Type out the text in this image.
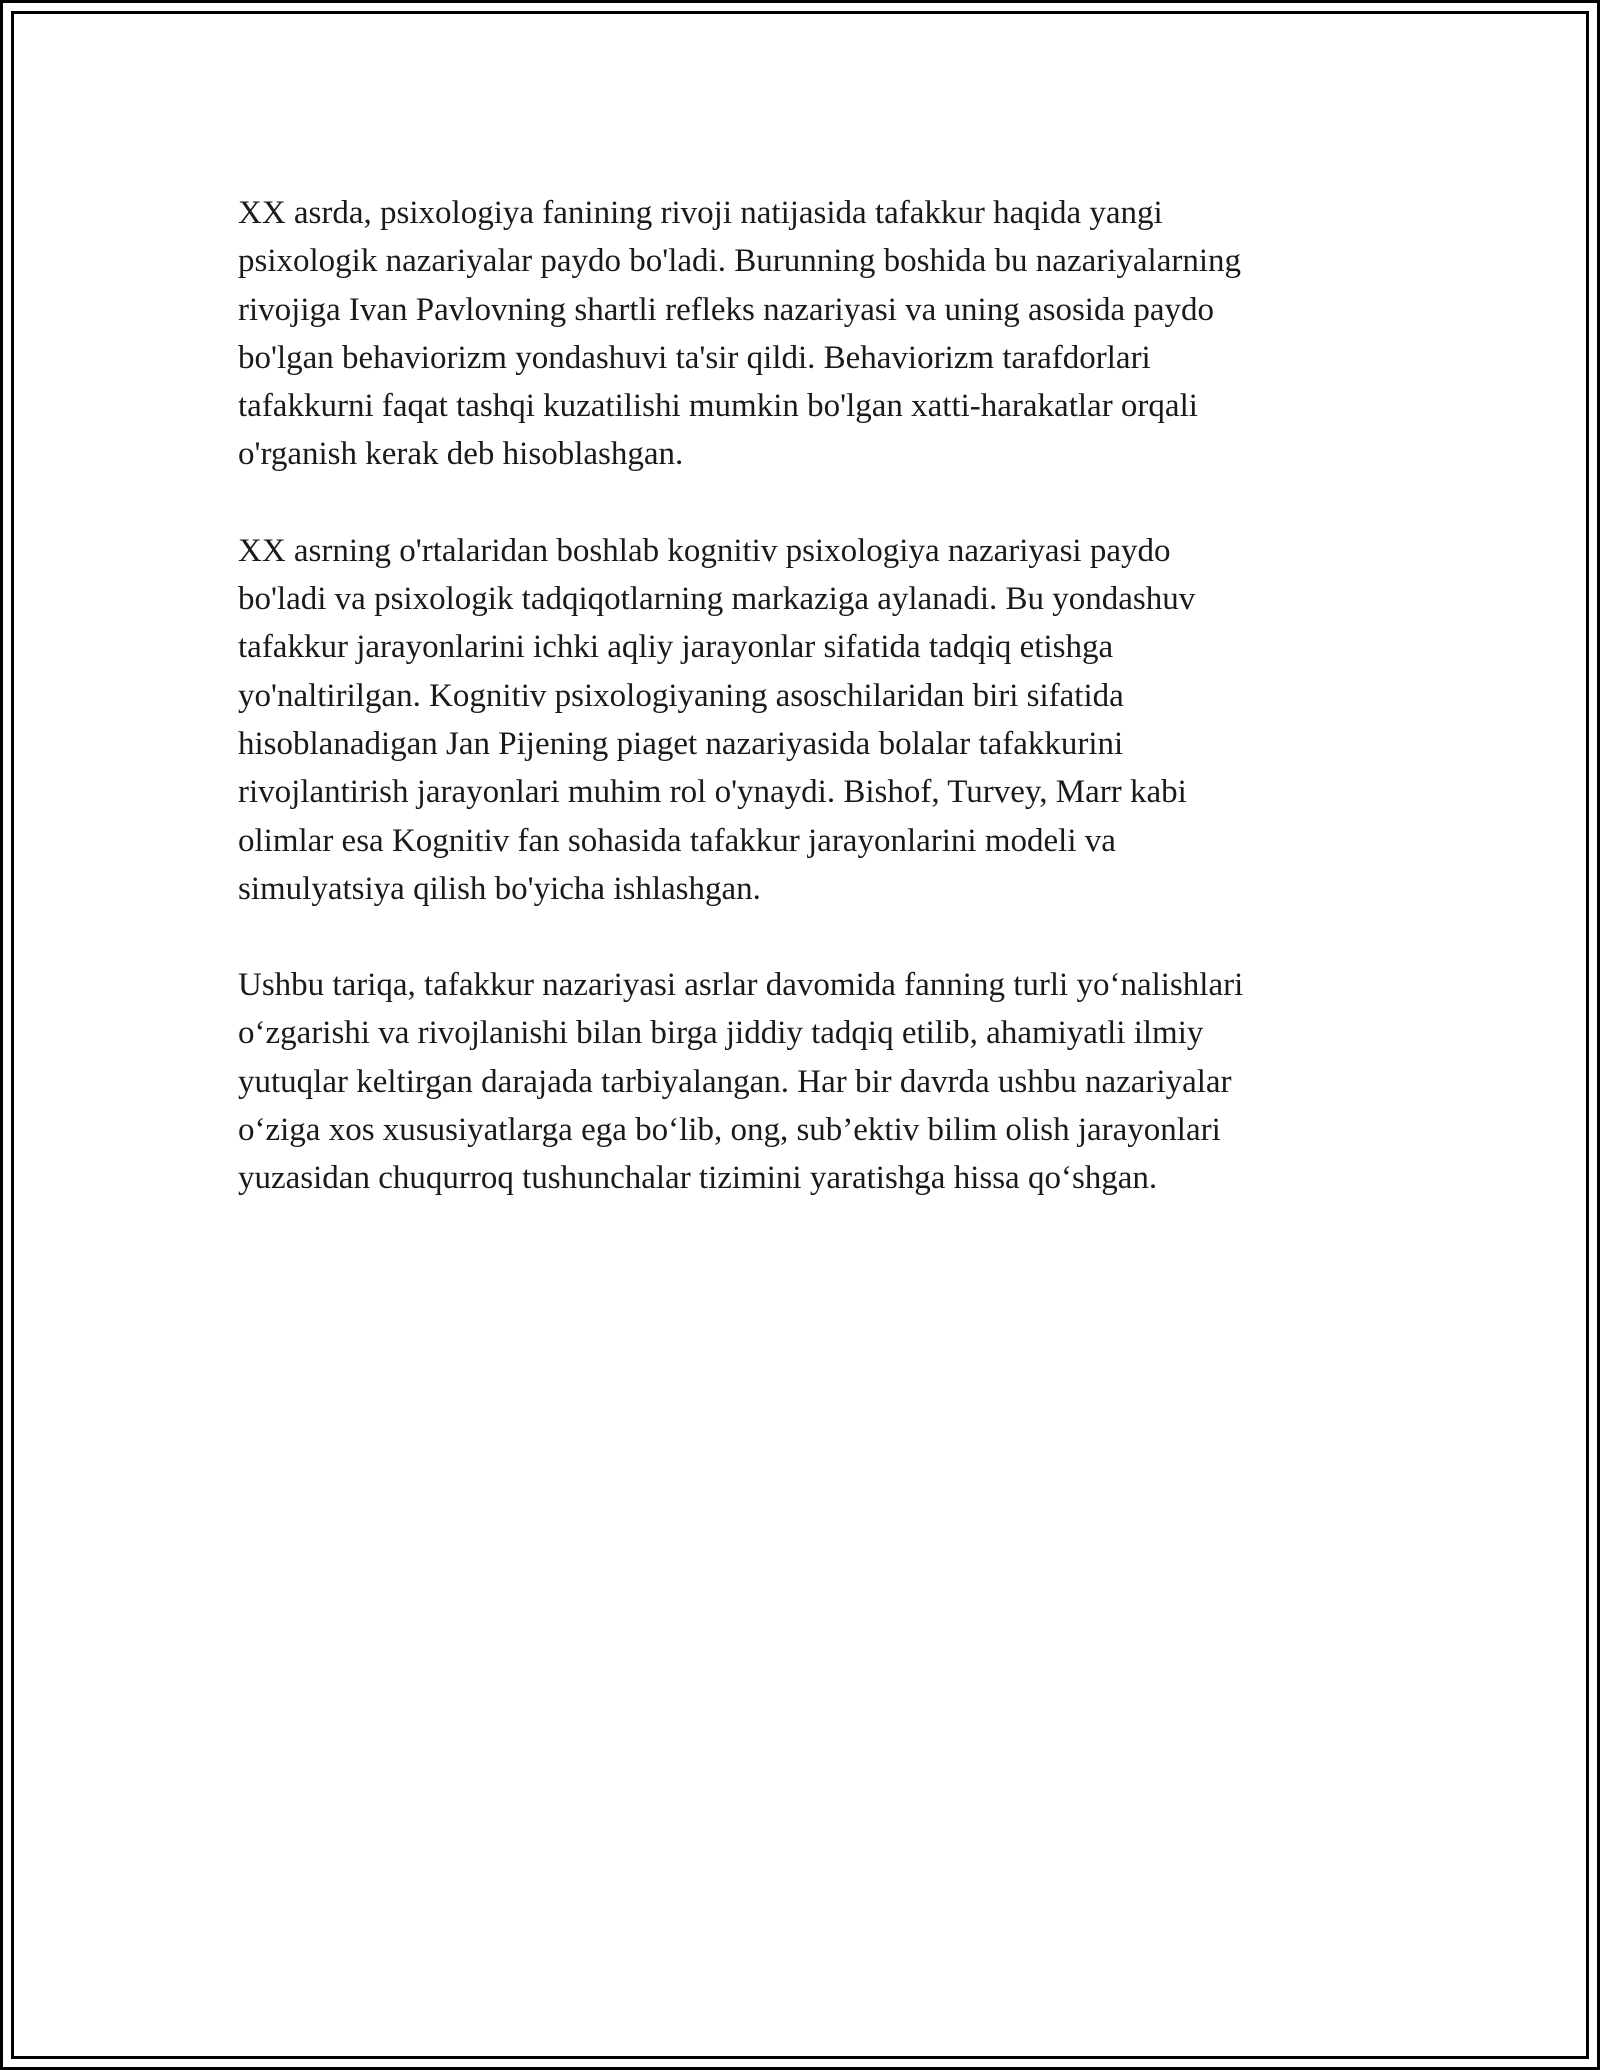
XX asrda, psixologiya fanining rivoji natijasida tafakkur haqida yangi
psixologik nazariyalar paydo bo'ladi. Burunning boshida bu nazariyalarning
rivojiga Ivan Pavlovning shartli refleks nazariyasi va uning asosida paydo
bo'lgan behaviorizm yondashuvi ta'sir qildi. Behaviorizm tarafdorlari
tafakkurni faqat tashqi kuzatilishi mumkin bo'lgan xatti-harakatlar orqali
o'rganish kerak deb hisoblashgan.

XX asrning o'rtalaridan boshlab kognitiv psixologiya nazariyasi paydo
bo'ladi va psixologik tadqiqotlarning markaziga aylanadi. Bu yondashuv
tafakkur jarayonlarini ichki aqliy jarayonlar sifatida tadqiq etishga
yo'naltirilgan. Kognitiv psixologiyaning asoschilaridan biri sifatida
hisoblanadigan Jan Pijening piaget nazariyasida bolalar tafakkurini
rivojlantirish jarayonlari muhim rol o'ynaydi. Bishof, Turvey, Marr kabi
olimlar esa Kognitiv fan sohasida tafakkur jarayonlarini modeli va
simulyatsiya qilish bo'yicha ishlashgan.

Ushbu tariqa, tafakkur nazariyasi asrlar davomida fanning turli yo‘nalishlari
o‘zgarishi va rivojlanishi bilan birga jiddiy tadqiq etilib, ahamiyatli ilmiy
yutuqlar keltirgan darajada tarbiyalangan. Har bir davrda ushbu nazariyalar
o‘ziga xos xususiyatlarga ega bo‘lib, ong, sub’ektiv bilim olish jarayonlari
yuzasidan chuqurroq tushunchalar tizimini yaratishga hissa qo‘shgan.
